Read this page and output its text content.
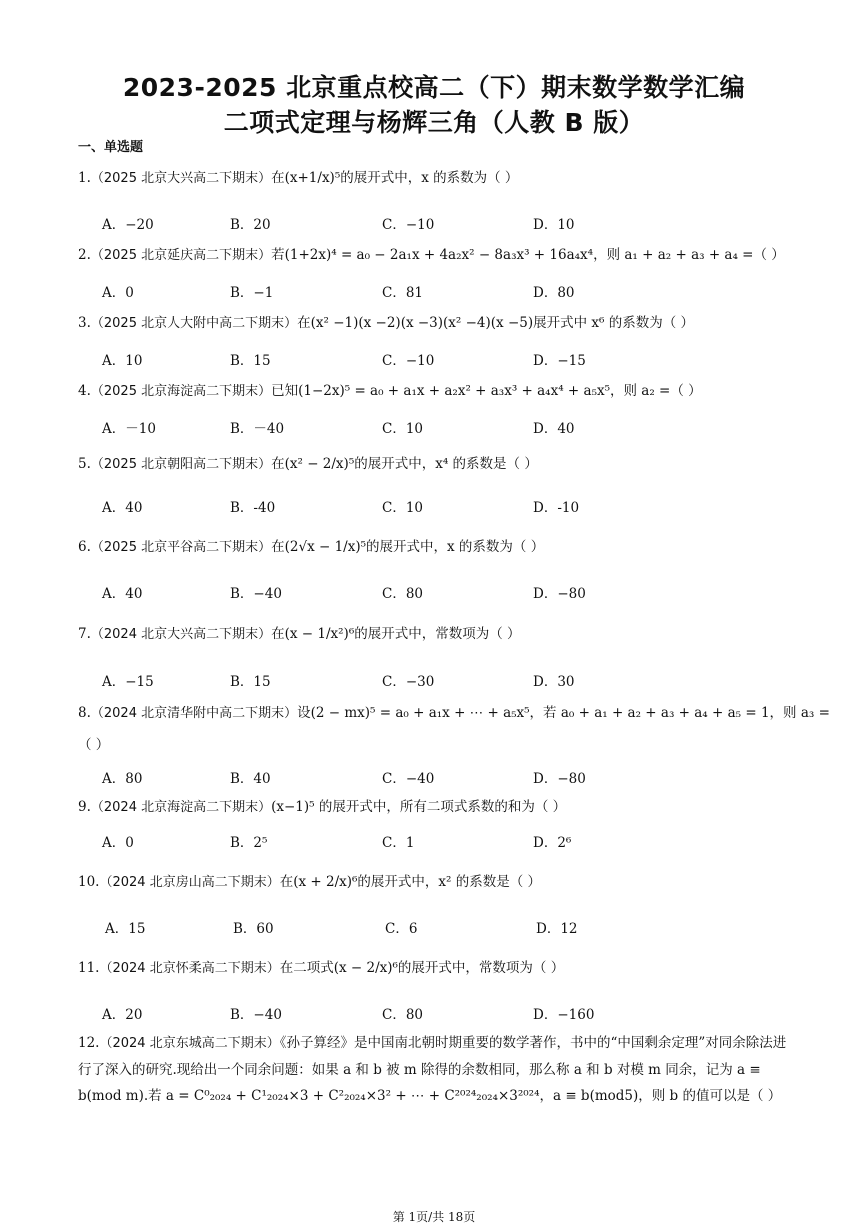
2023-2025 北京重点校高二（下）期末数学数学汇编
二项式定理与杨辉三角（人教 B 版）
一、单选题
1.（2025 北京大兴高二下期末）在(x+1/x)⁵的展开式中，x 的系数为（ ）
A．−20	B．20	C．−10	D．10
2.（2025 北京延庆高二下期末）若(1+2x)⁴ = a₀ − 2a₁x + 4a₂x² − 8a₃x³ + 16a₄x⁴，则 a₁ + a₂ + a₃ + a₄ =（ ）
A．0	B．−1	C．81	D．80
3.（2025 北京人大附中高二下期末）在(x² −1)(x −2)(x −3)(x² −4)(x −5)展开式中 x⁶ 的系数为（ ）
A．10	B．15	C．−10	D．−15
4.（2025 北京海淀高二下期末）已知(1−2x)⁵ = a₀ + a₁x + a₂x² + a₃x³ + a₄x⁴ + a₅x⁵，则 a₂ =（ ）
A．－10	B．－40	C．10	D．40
5.（2025 北京朝阳高二下期末）在(x² − 2/x)⁵的展开式中，x⁴ 的系数是（ ）
A．40	B．-40	C．10	D．-10
6.（2025 北京平谷高二下期末）在(2√x − 1/x)⁵的展开式中，x 的系数为（ ）
A．40	B．−40	C．80	D．−80
7.（2024 北京大兴高二下期末）在(x − 1/x²)⁶的展开式中，常数项为（ ）
A．−15	B．15	C．−30	D．30
8.（2024 北京清华附中高二下期末）设(2 − mx)⁵ = a₀ + a₁x + ⋯ + a₅x⁵，若 a₀ + a₁ + a₂ + a₃ + a₄ + a₅ = 1，则 a₃ =
（ ）
A．80	B．40	C．−40	D．−80
9.（2024 北京海淀高二下期末）(x−1)⁵ 的展开式中，所有二项式系数的和为（ ）
A．0	B．2⁵	C．1	D．2⁶
10.（2024 北京房山高二下期末）在(x + 2/x)⁶的展开式中，x² 的系数是（ ）
A．15	B．60	C．6	D．12
11.（2024 北京怀柔高二下期末）在二项式(x − 2/x)⁶的展开式中，常数项为（ ）
A．20	B．−40	C．80	D．−160
12.（2024 北京东城高二下期末）《孙子算经》是中国南北朝时期重要的数学著作，书中的“中国剩余定理”对同余除法进行了深入的研究.现给出一个同余问题：如果 a 和 b 被 m 除得的余数相同，那么称 a 和 b 对模 m 同余，记为 a ≡ b(mod m).若 a = C⁰₂₀₂₄ + C¹₂₀₂₄×3 + C²₂₀₂₄×3² + ⋯ + C²⁰²⁴₂₀₂₄×3²⁰²⁴，a ≡ b(mod5)，则 b 的值可以是（ ）
第 1页/共 18页
